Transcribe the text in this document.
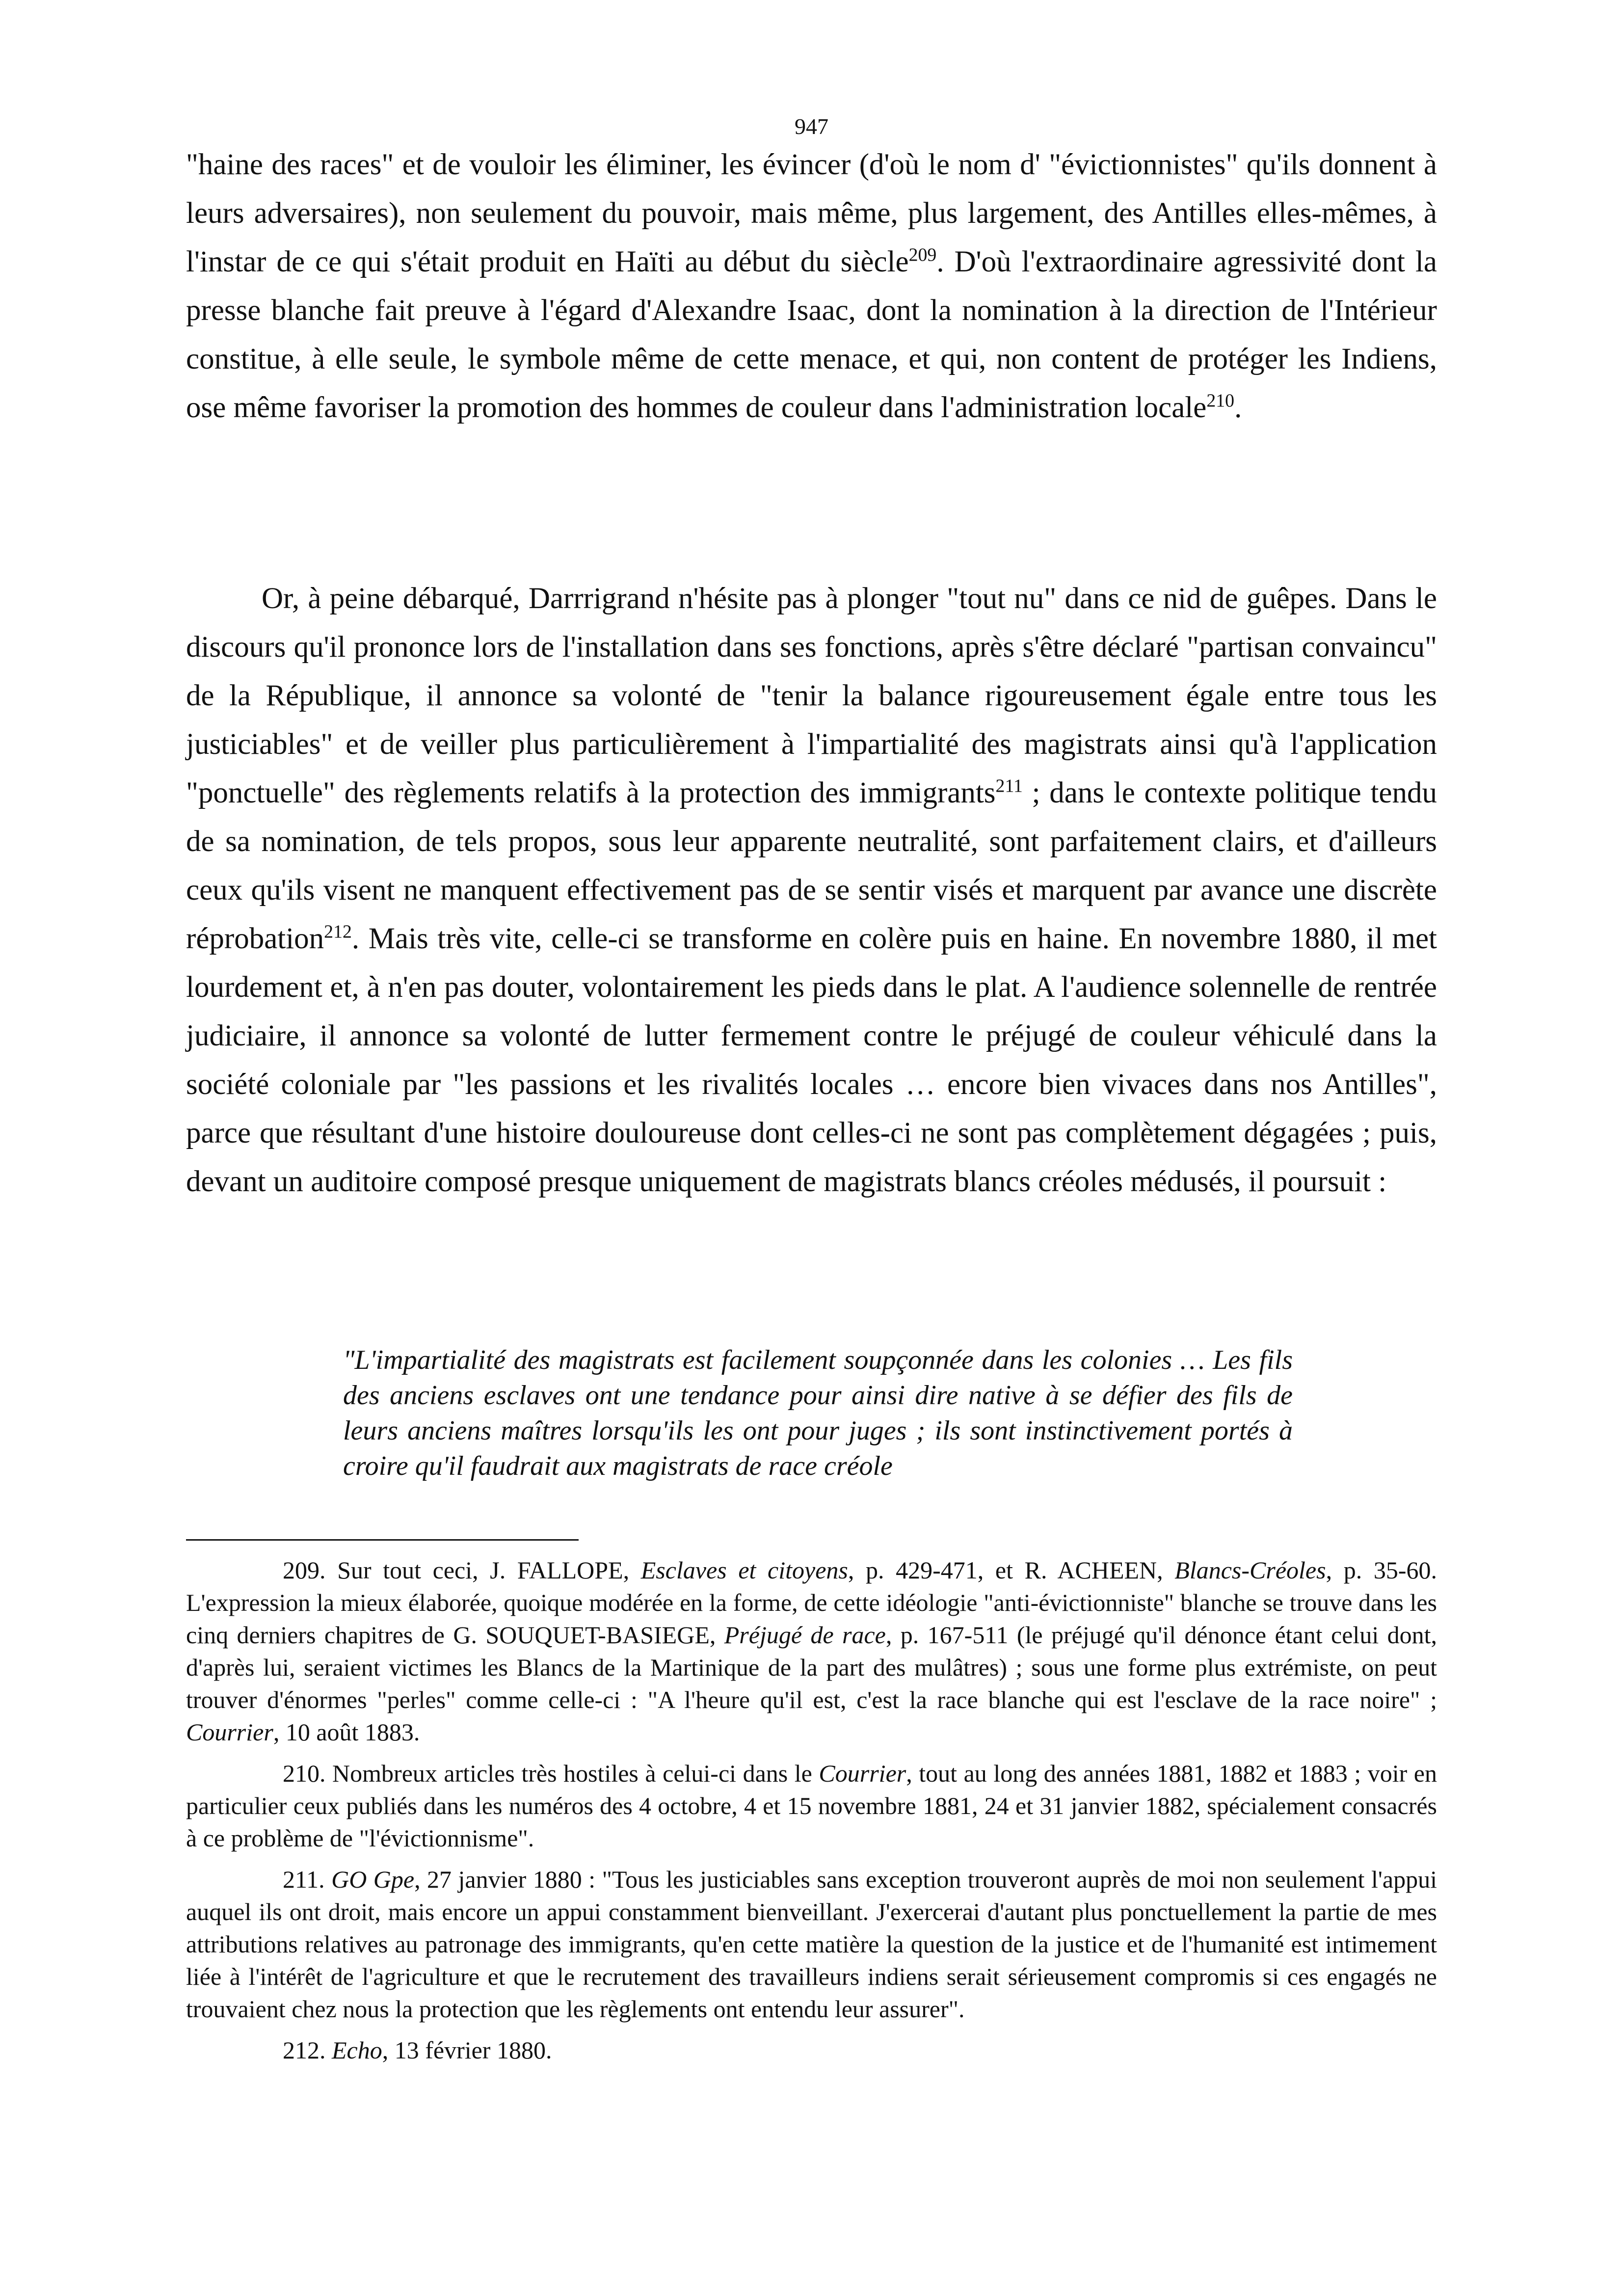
947

"haine des races" et de vouloir les éliminer, les évincer (d'où le nom d' "évictionnistes" qu'ils donnent à leurs adversaires), non seulement du pouvoir, mais même, plus largement, des Antilles elles-mêmes, à l'instar de ce qui s'était produit en Haïti au début du siècle$^{209}$. D'où l'extraordinaire agressivité dont la presse blanche fait preuve à l'égard d'Alexandre Isaac, dont la nomination à la direction de l'Intérieur constitue, à elle seule, le symbole même de cette menace, et qui, non content de protéger les Indiens, ose même favoriser la promotion des hommes de couleur dans l'administration locale$^{210}$.

Or, à peine débarqué, Darrrigrand n'hésite pas à plonger "tout nu" dans ce nid de guêpes. Dans le discours qu'il prononce lors de l'installation dans ses fonctions, après s'être déclaré "partisan convaincu" de la République, il annonce sa volonté de "tenir la balance rigoureusement égale entre tous les justiciables" et de veiller plus particulièrement à l'impartialité des magistrats ainsi qu'à l'application "ponctuelle" des règlements relatifs à la protection des immigrants$^{211}$ ; dans le contexte politique tendu de sa nomination, de tels propos, sous leur apparente neutralité, sont parfaitement clairs, et d'ailleurs ceux qu'ils visent ne manquent effectivement pas de se sentir visés et marquent par avance une discrète réprobation$^{212}$. Mais très vite, celle-ci se transforme en colère puis en haine. En novembre 1880, il met lourdement et, à n'en pas douter, volontairement les pieds dans le plat. A l'audience solennelle de rentrée judiciaire, il annonce sa volonté de lutter fermement contre le préjugé de couleur véhiculé dans la société coloniale par "les passions et les rivalités locales … encore bien vivaces dans nos Antilles", parce que résultant d'une histoire douloureuse dont celles-ci ne sont pas complètement dégagées ; puis, devant un auditoire composé presque uniquement de magistrats blancs créoles médusés, il poursuit :

"L'impartialité des magistrats est facilement soupçonnée dans les colonies … Les fils des anciens esclaves ont une tendance pour ainsi dire native à se défier des fils de leurs anciens maîtres lorsqu'ils les ont pour juges ; ils sont instinctivement portés à croire qu'il faudrait aux magistrats de race créole

209. Sur tout ceci, J. FALLOPE, Esclaves et citoyens, p. 429-471, et R. ACHEEN, Blancs-Créoles, p. 35-60. L'expression la mieux élaborée, quoique modérée en la forme, de cette idéologie "anti-évictionniste" blanche se trouve dans les cinq derniers chapitres de G. SOUQUET-BASIEGE, Préjugé de race, p. 167-511 (le préjugé qu'il dénonce étant celui dont, d'après lui, seraient victimes les Blancs de la Martinique de la part des mulâtres) ; sous une forme plus extrémiste, on peut trouver d'énormes "perles" comme celle-ci : "A l'heure qu'il est, c'est la race blanche qui est l'esclave de la race noire" ; Courrier, 10 août 1883.

210. Nombreux articles très hostiles à celui-ci dans le Courrier, tout au long des années 1881, 1882 et 1883 ; voir en particulier ceux publiés dans les numéros des 4 octobre, 4 et 15 novembre 1881, 24 et 31 janvier 1882, spécialement consacrés à ce problème de "l'évictionnisme".

211. GO Gpe, 27 janvier 1880 : "Tous les justiciables sans exception trouveront auprès de moi non seulement l'appui auquel ils ont droit, mais encore un appui constamment bienveillant. J'exercerai d'autant plus ponctuellement la partie de mes attributions relatives au patronage des immigrants, qu'en cette matière la question de la justice et de l'humanité est intimement liée à l'intérêt de l'agriculture et que le recrutement des travailleurs indiens serait sérieusement compromis si ces engagés ne trouvaient chez nous la protection que les règlements ont entendu leur assurer".

212. Echo, 13 février 1880.
